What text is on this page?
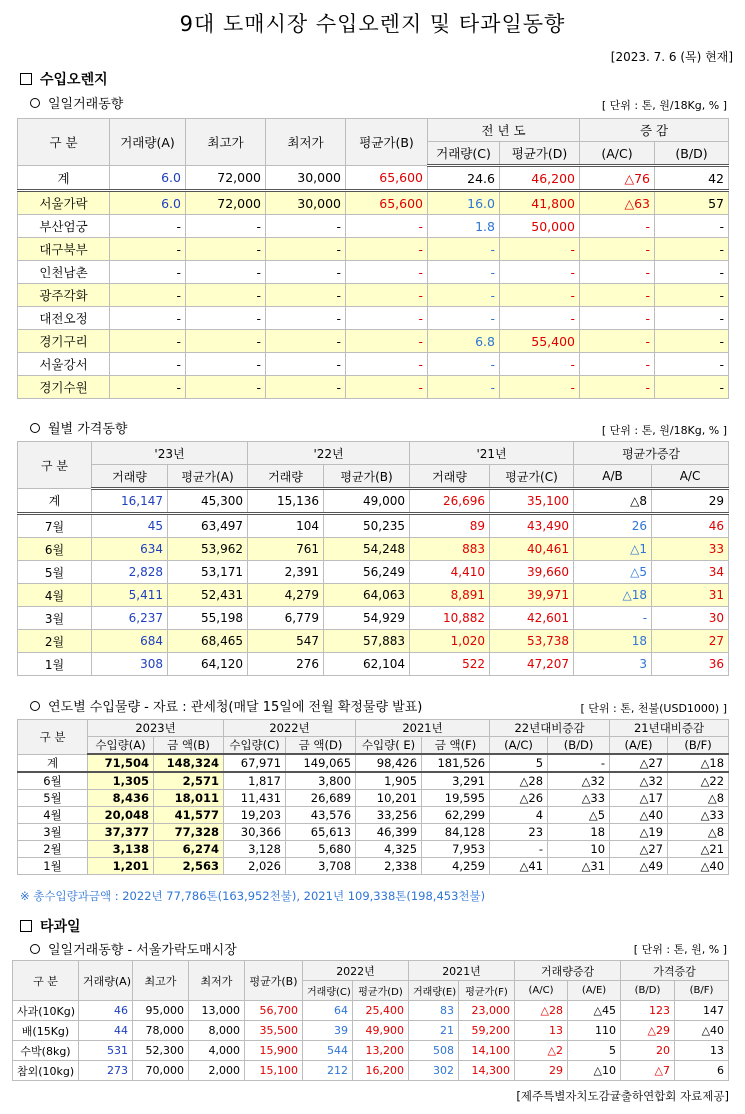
9대 도매시장 수입오렌지 및 타과일동향
[2023. 7. 6 (목) 현재]
수입오렌지
일일거래동향	[ 단위 : 톤, 원/18Kg, % ]
구 분	거래량(A)	최고가	최저가	평균가(B)	전 년 도		증 감	
					거래량(C)	평균가(D)	(A/C)	(B/D)
계	6.0	72,000	30,000	65,600	24.6	46,200	△76	42
서울가락	6.0	72,000	30,000	65,600	16.0	41,800	△63	57
부산엄궁	-	-	-	-	1.8	50,000	-	-
대구북부	-	-	-	-	-	-	-	-
인천남촌	-	-	-	-	-	-	-	-
광주각화	-	-	-	-	-	-	-	-
대전오정	-	-	-	-	-	-	-	-
경기구리	-	-	-	-	6.8	55,400	-	-
서울강서	-	-	-	-	-	-	-	-
경기수원	-	-	-	-	-	-	-	-
월별 가격동향	[ 단위 : 톤, 원/18Kg, % ]
구 분	'23년		'22년		'21년		평균가증감	
	거래량	평균가(A)	거래량	평균가(B)	거래량	평균가(C)	A/B	A/C
계	16,147	45,300	15,136	49,000	26,696	35,100	△8	29
7월	45	63,497	104	50,235	89	43,490	26	46
6월	634	53,962	761	54,248	883	40,461	△1	33
5월	2,828	53,171	2,391	56,249	4,410	39,660	△5	34
4월	5,411	52,431	4,279	64,063	8,891	39,971	△18	31
3월	6,237	55,198	6,779	54,929	10,882	42,601	-	30
2월	684	68,465	547	57,883	1,020	53,738	18	27
1월	308	64,120	276	62,104	522	47,207	3	36
연도별 수입물량 - 자료 : 관세청(매달 15일에 전월 확정물량 발표)	[ 단위 : 톤, 천불(USD1000) ]
구 분	2023년		2022년		2021년		22년대비증감		21년대비증감	
	수입량(A)	금 액(B)	수입량(C)	금 액(D)	수입량( E)	금 액(F)	(A/C)	(B/D)	(A/E)	(B/F)
계	71,504	148,324	67,971	149,065	98,426	181,526	5	-	△27	△18
6월	1,305	2,571	1,817	3,800	1,905	3,291	△28	△32	△32	△22
5월	8,436	18,011	11,431	26,689	10,201	19,595	△26	△33	△17	△8
4월	20,048	41,577	19,203	43,576	33,256	62,299	4	△5	△40	△33
3월	37,377	77,328	30,366	65,613	46,399	84,128	23	18	△19	△8
2월	3,138	6,274	3,128	5,680	4,325	7,953	-	10	△27	△21
1월	1,201	2,563	2,026	3,708	2,338	4,259	△41	△31	△49	△40
※ 총수입량과금액 : 2022년 77,786톤(163,952천불), 2021년 109,338톤(198,453천불)
타과일
일일거래동향 - 서울가락도매시장	[ 단위 : 톤, 원, % ]
구 분	거래량(A)	최고가	최저가	평균가(B)	2022년		2021년		거래량증감		가격증감	
					거래량(C)	평균가(D)	거래량(E)	평균가(F)	(A/C)	(A/E)	(B/D)	(B/F)
사과(10Kg)	46	95,000	13,000	56,700	64	25,400	83	23,000	△28	△45	123	147
배(15Kg)	44	78,000	8,000	35,500	39	49,900	21	59,200	13	110	△29	△40
수박(8kg)	531	52,300	4,000	15,900	544	13,200	508	14,100	△2	5	20	13
참외(10kg)	273	70,000	2,000	15,100	212	16,200	302	14,300	29	△10	△7	6
[제주특별자치도감귤출하연합회 자료제공]
